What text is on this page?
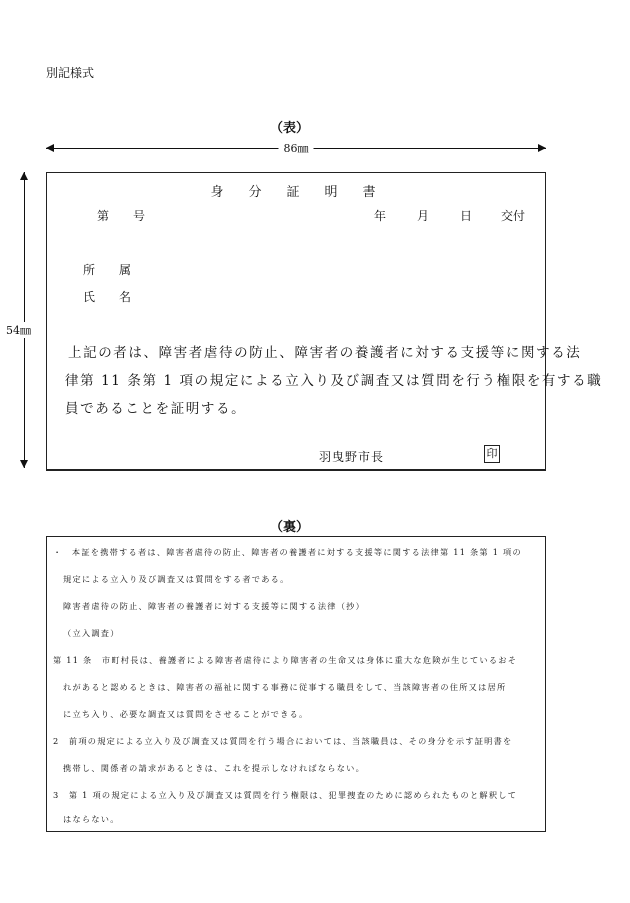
別記様式
（表）
86㎜
54㎜
身　分　証　明　書
第　　号	年	月	日 交付
所　　属
氏　　名
上記の者は、障害者虐待の防止、障害者の養護者に対する支援等に関する法
律第 11 条第 1 項の規定による立入り及び調査又は質問を行う権限を有する職
員であることを証明する。
羽曳野市長	印
（裏）
・　本証を携帯する者は、障害者虐待の防止、障害者の養護者に対する支援等に関する法律第 11 条第 1 項の
規定による立入り及び調査又は質問をする者である。
障害者虐待の防止、障害者の養護者に対する支援等に関する法律（抄）
（立入調査）
第 11 条　市町村長は、養護者による障害者虐待により障害者の生命又は身体に重大な危険が生じているおそ
れがあると認めるときは、障害者の福祉に関する事務に従事する職員をして、当該障害者の住所又は居所
に立ち入り、必要な調査又は質問をさせることができる。
2　前項の規定による立入り及び調査又は質問を行う場合においては、当該職員は、その身分を示す証明書を
携帯し、関係者の請求があるときは、これを提示しなければならない。
3　第 1 項の規定による立入り及び調査又は質問を行う権限は、犯罪捜査のために認められたものと解釈して
はならない。
